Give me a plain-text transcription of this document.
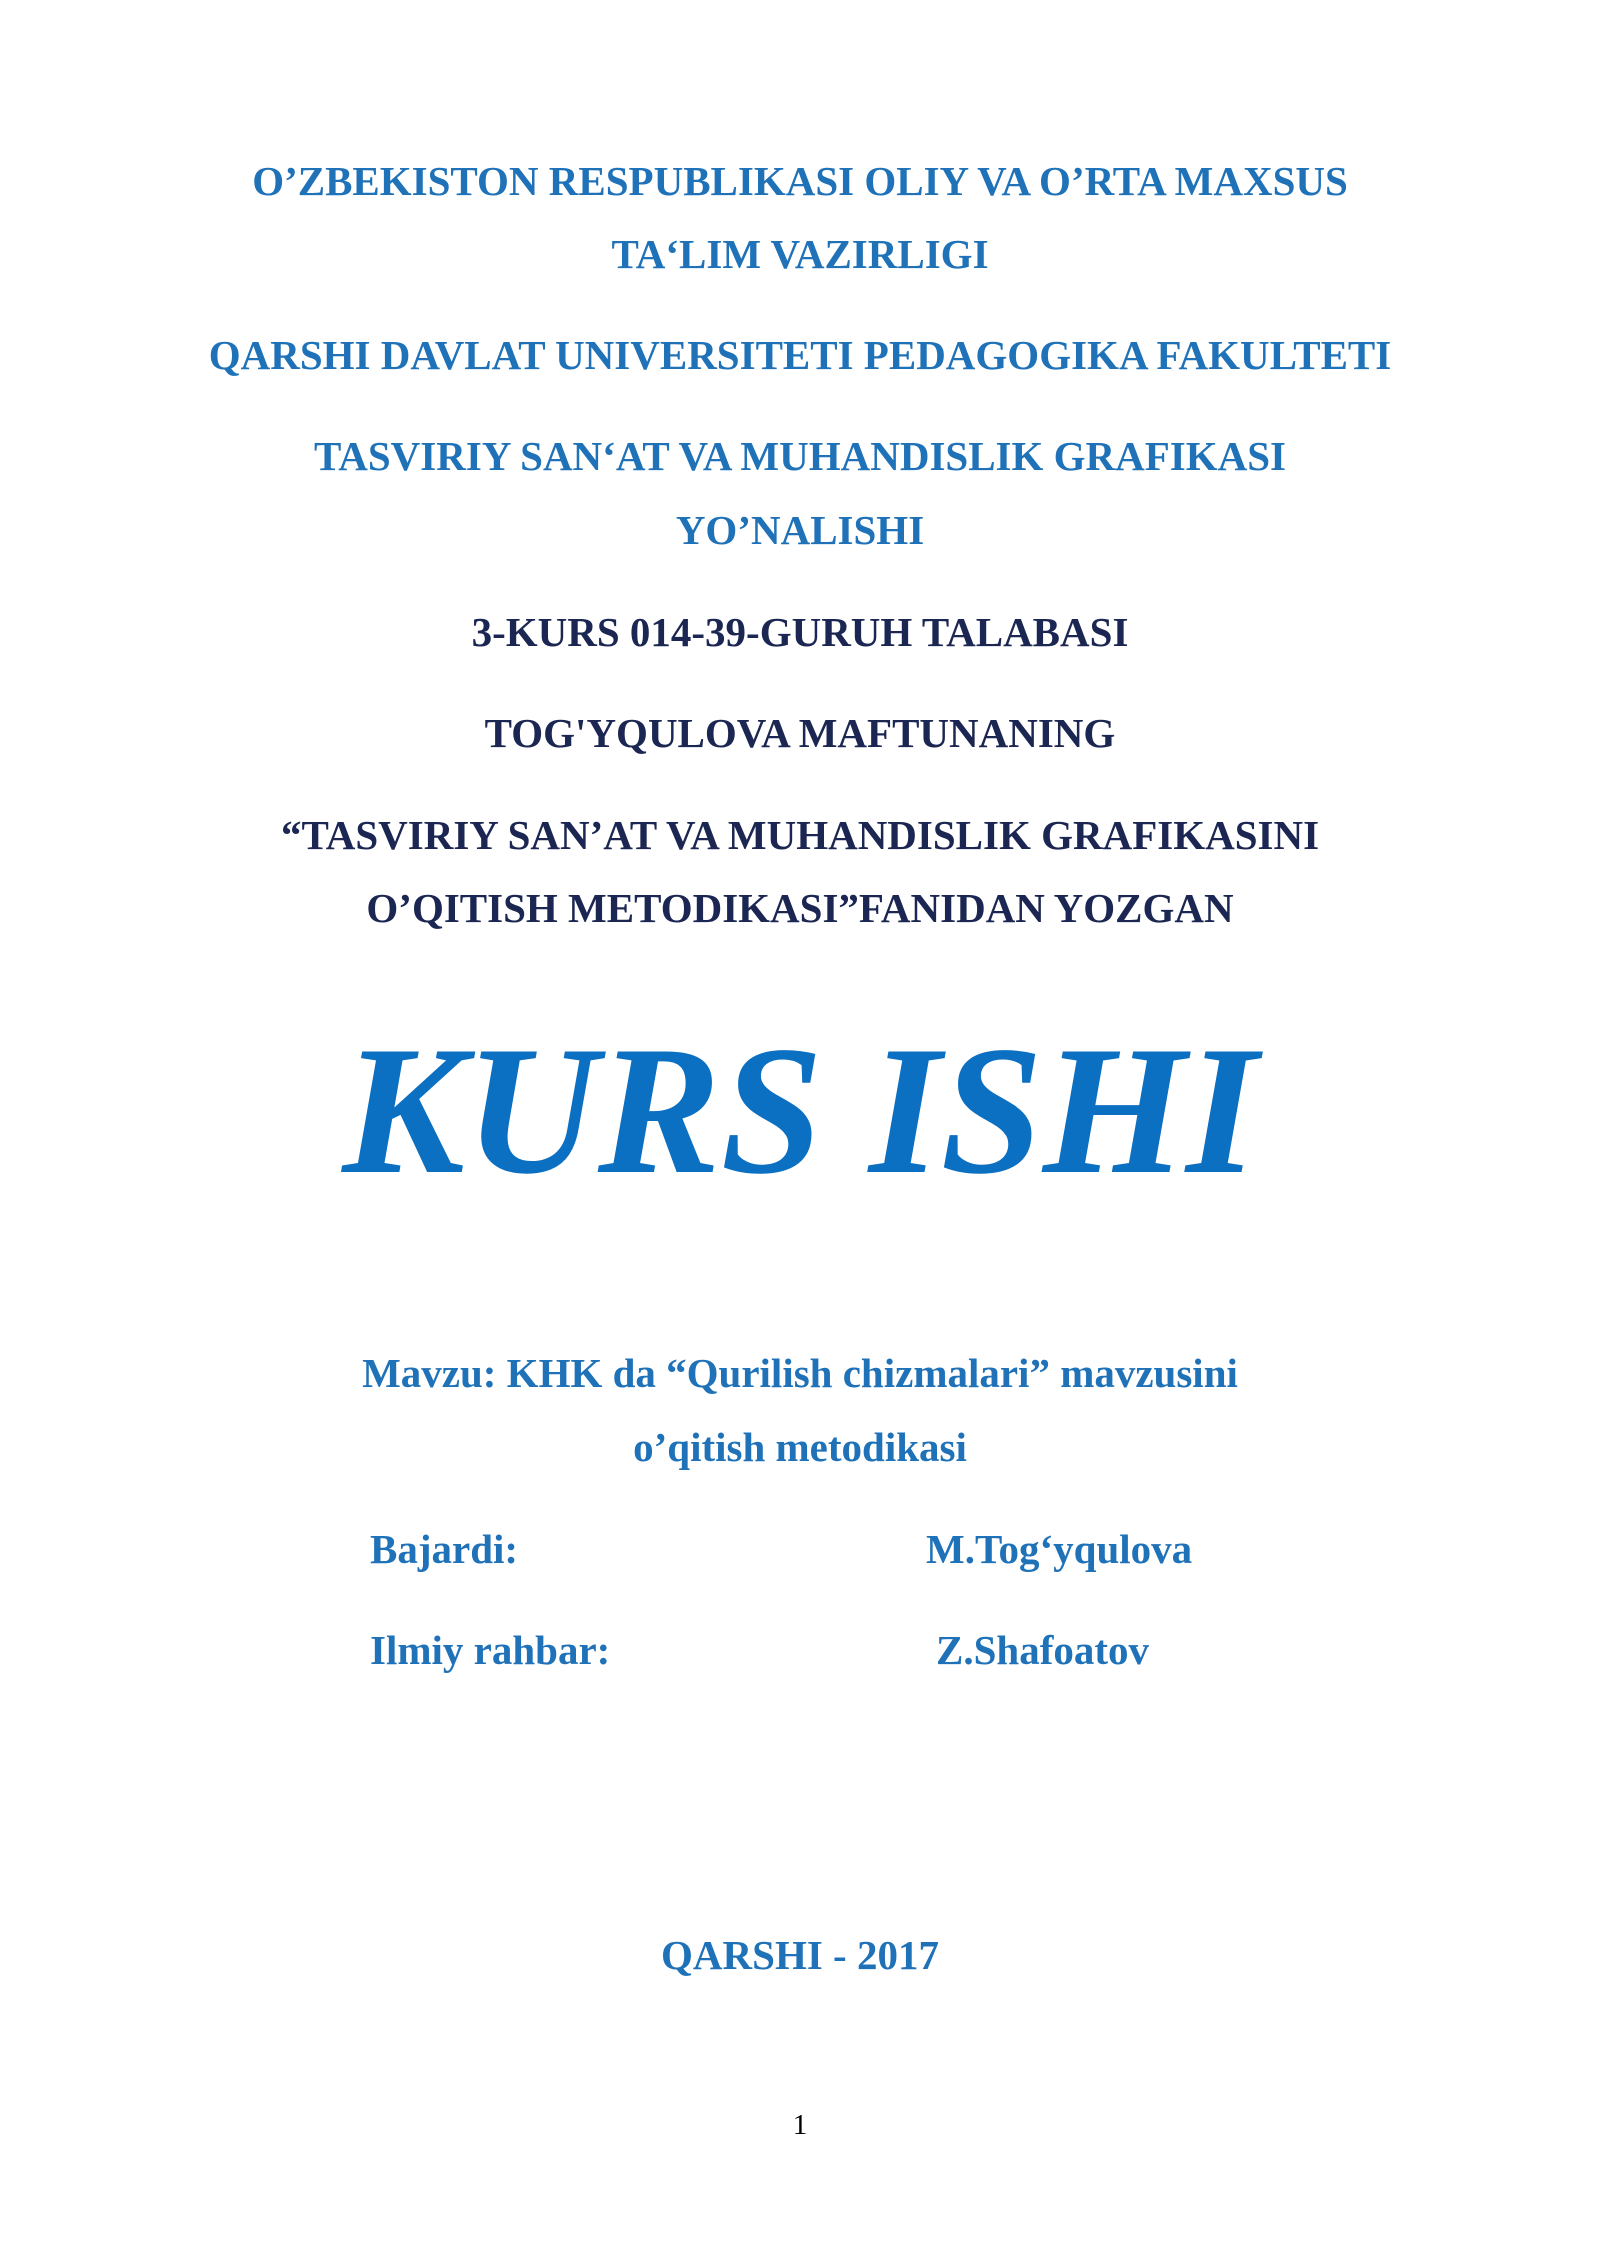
O’ZBEKISTON RESPUBLIKASI OLIY VA O’RTA MAXSUS
TA‘LIM VAZIRLIGI
QARSHI DAVLAT UNIVERSITETI PEDAGOGIKA FAKULTETI
TASVIRIY SAN‘AT VA MUHANDISLIK GRAFIKASI
YO’NALISHI
3-KURS 014-39-GURUH TALABASI
TOG'YQULOVA MAFTUNANING
“TASVIRIY SAN’AT VA MUHANDISLIK GRAFIKASINI
O’QITISH METODIKASI”FANIDAN YOZGAN
KURS ISHI
Mavzu: KHK da “Qurilish chizmalari” mavzusini
o’qitish metodikasi
Bajardi:	M.Tog‘yqulova
Ilmiy rahbar:	Z.Shafoatov
QARSHI - 2017
1
